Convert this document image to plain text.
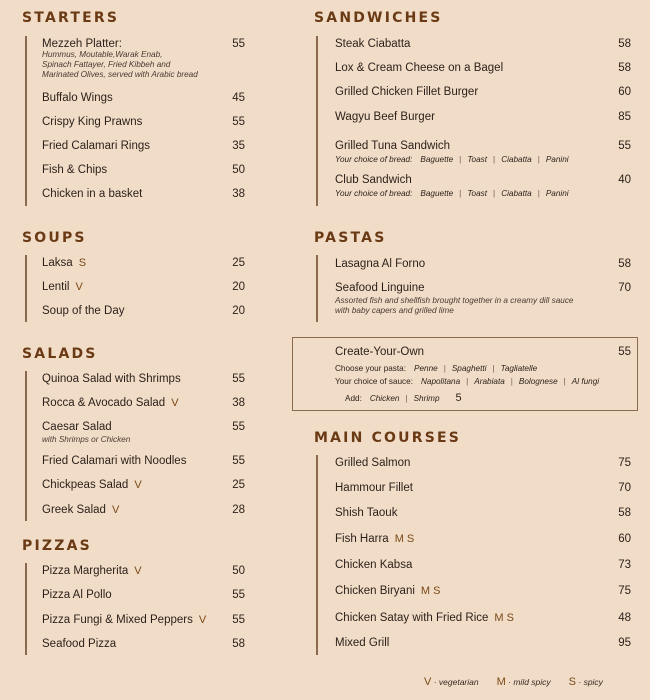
STARTERS
Mezzeh Platter:	55
Buffalo Wings	45
Crispy King Prawns	55
Fried Calamari Rings	35
Fish & Chips	50
Chicken in a basket	38
Hummus, Moutable,Warak Enab,
Spinach Fattayer, Fried Kibbeh and
Marinated Olives, served with Arabic bread
SOUPS
Laksa S	25
Lentil V	20
Soup of the Day	20
SALADS
Quinoa Salad with Shrimps	55
Rocca & Avocado Salad V	38
Caesar Salad	55
Fried Calamari with Noodles	55
Chickpeas Salad V	25
Greek Salad V	28
with Shrimps or Chicken
PIZZAS
Pizza Margherita V	50
Pizza Al Pollo	55
Pizza Fungi & Mixed Peppers V	55
Seafood Pizza	58
SANDWICHES
Steak Ciabatta	58
Lox & Cream Cheese on a Bagel	58
Grilled Chicken Fillet Burger	60
Wagyu Beef Burger	85
Grilled Tuna Sandwich	55
Club Sandwich	40
Your choice of bread: Baguette | Toast | Ciabatta | Panini
Your choice of bread: Baguette | Toast | Ciabatta | Panini
PASTAS
Lasagna Al Forno	58
Seafood Linguine	70
Assorted fish and shellfish brought together in a creamy dill sauce
with baby capers and grilled lime
Create-Your-Own	55
Choose your pasta: Penne | Spaghetti | Tagliatelle
Your choice of sauce: Napolitana | Arabiata | Bolognese | Al fungi
Add: Chicken | Shrimp 5
MAIN COURSES
Grilled Salmon	75
Hammour Fillet	70
Shish Taouk	58
Fish Harra M S	60
Chicken Kabsa	73
Chicken Biryani M S	75
Chicken Satay with Fried Rice M S	48
Mixed Grill	95
V · vegetarian M · mild spicy S · spicy
